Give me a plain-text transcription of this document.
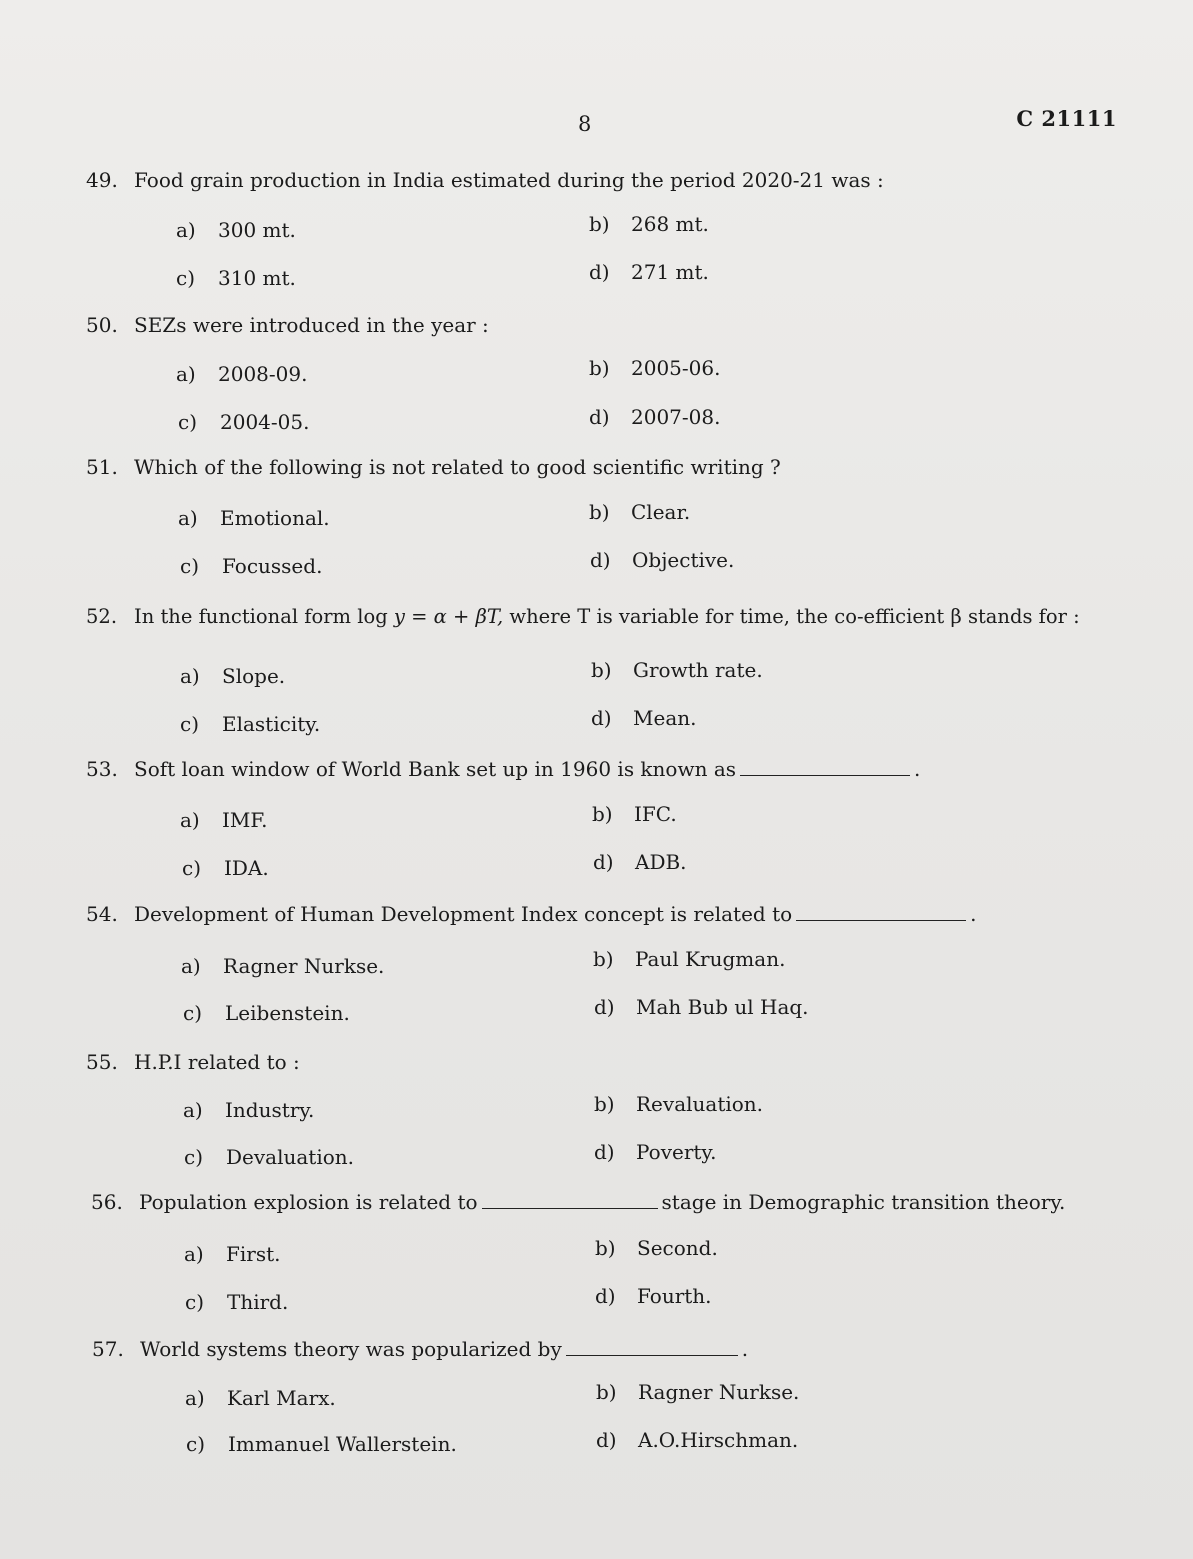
8	C 21111
49. Food grain production in India estimated during the period 2020-21 was :
a) 300 mt.	b) 268 mt.
c) 310 mt.	d) 271 mt.
50. SEZs were introduced in the year :
a) 2008-09.	b) 2005-06.
c) 2004-05.	d) 2007-08.
51. Which of the following is not related to good scientific writing ?
a) Emotional.	b) Clear.
c) Focussed.	d) Objective.
52. In the functional form log y = α + βT, where T is variable for time, the co-efficient β stands for :
a) Slope.	b) Growth rate.
c) Elasticity.	d) Mean.
53. Soft loan window of World Bank set up in 1960 is known as	.
a) IMF.	b) IFC.
c) IDA.	d) ADB.
54. Development of Human Development Index concept is related to	.
a) Ragner Nurkse.	b) Paul Krugman.
c) Leibenstein.	d) Mah Bub ul Haq.
55. H.P.I related to :
a) Industry.	b) Revaluation.
c) Devaluation.	d) Poverty.
56. Population explosion is related to	stage in Demographic transition theory.
a) First.	b) Second.
c) Third.	d) Fourth.
57. World systems theory was popularized by	.
a) Karl Marx.	b) Ragner Nurkse.
c) Immanuel Wallerstein.	d) A.O.Hirschman.
